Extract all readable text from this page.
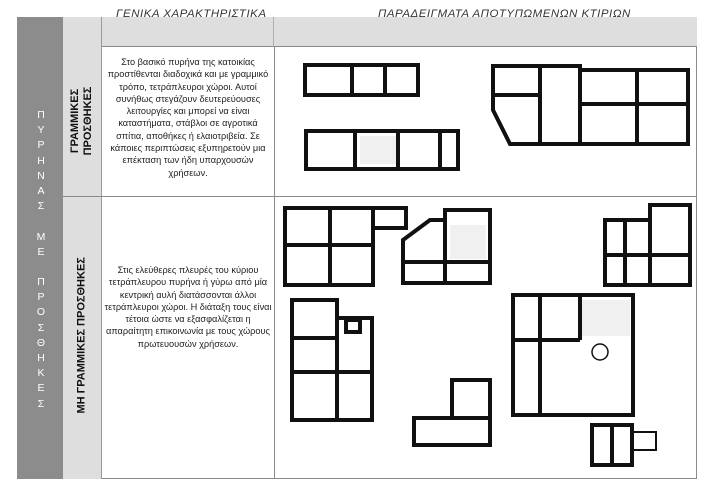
ΓΕΝΙΚΑ ΧΑΡΑΚΤΗΡΙΣΤΙΚΑ	ΠΑΡΑΔΕΙΓΜΑΤΑ ΑΠΟΤΥΠΩΜΕΝΩΝ ΚΤΙΡΙΩΝ
Π
Υ
Ρ
Η
Ν
Α
Σ
Μ
Ε
Π
Ρ
Ο
Σ
Θ
Η
Κ
Ε
Σ
ΓΡΑΜΜΙΚΕΣ ΠΡΟΣΘΗΚΕΣ
ΜΗ ΓΡΑΜΜΙΚΕΣ ΠΡΟΣΘΗΚΕΣ
Στο βασικό πυρήνα της κατοικίας προστίθενται διαδοχικά και με γραμμικό τρόπο, τετράπλευροι χώροι. Αυτοί συνήθως στεγάζουν δευτερεύουσες λειτουργίες και μπορεί να είναι καταστήματα, στάβλοι σε αγροτικά σπίτια, αποθήκες ή ελαιοτριβεία. Σε κάποιες περιπτώσεις εξυπηρετούν μια επέκταση των ήδη υπαρχουσών χρήσεων.
Στις ελεύθερες πλευρές του κύριου τετράπλευρου πυρήνα ή γύρω από μία κεντρική αυλή διατάσσονται άλλοι τετράπλευροι χώροι. Η διάταξη τους είναι τέτοια ώστε να εξασφαλίζεται η απαραίτητη επικοινωνία με τους χώρους πρωτευουσών χρήσεων.
